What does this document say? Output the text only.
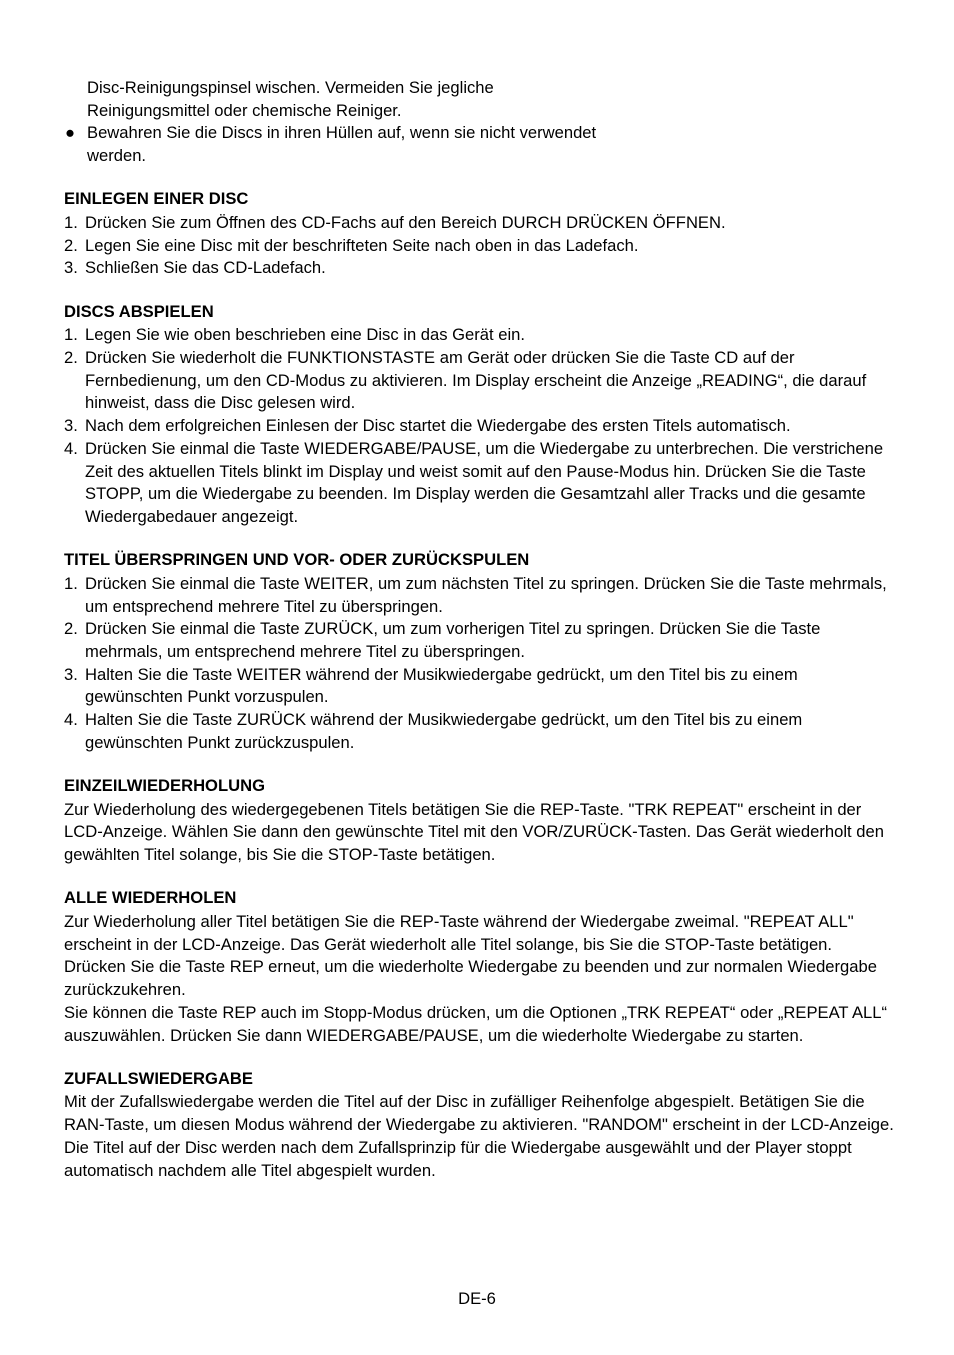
Disc-Reinigungspinsel wischen. Vermeiden Sie jegliche
Reinigungsmittel oder chemische Reiniger.

● Bewahren Sie die Discs in ihren Hüllen auf, wenn sie nicht verwendet
werden.

EINLEGEN EINER DISC
1. Drücken Sie zum Öffnen des CD-Fachs auf den Bereich DURCH DRÜCKEN ÖFFNEN.
2. Legen Sie eine Disc mit der beschrifteten Seite nach oben in das Ladefach.
3. Schließen Sie das CD-Ladefach.
DISCS ABSPIELEN
1. Legen Sie wie oben beschrieben eine Disc in das Gerät ein.
2. Drücken Sie wiederholt die FUNKTIONSTASTE am Gerät oder drücken Sie die Taste CD auf der Fernbedienung, um den CD-Modus zu aktivieren. Im Display erscheint die Anzeige „READING“, die darauf hinweist, dass die Disc gelesen wird.
3. Nach dem erfolgreichen Einlesen der Disc startet die Wiedergabe des ersten Titels automatisch.
4. Drücken Sie einmal die Taste WIEDERGABE/PAUSE, um die Wiedergabe zu unterbrechen. Die verstrichene Zeit des aktuellen Titels blinkt im Display und weist somit auf den Pause-Modus hin. Drücken Sie die Taste STOPP, um die Wiedergabe zu beenden. Im Display werden die Gesamtzahl aller Tracks und die gesamte Wiedergabedauer angezeigt.
TITEL ÜBERSPRINGEN UND VOR- ODER ZURÜCKSPULEN
1. Drücken Sie einmal die Taste WEITER, um zum nächsten Titel zu springen. Drücken Sie die Taste mehrmals, um entsprechend mehrere Titel zu überspringen.
2. Drücken Sie einmal die Taste ZURÜCK, um zum vorherigen Titel zu springen. Drücken Sie die Taste mehrmals, um entsprechend mehrere Titel zu überspringen.
3. Halten Sie die Taste WEITER während der Musikwiedergabe gedrückt, um den Titel bis zu einem gewünschten Punkt vorzuspulen.
4. Halten Sie die Taste ZURÜCK während der Musikwiedergabe gedrückt, um den Titel bis zu einem gewünschten Punkt zurückzuspulen.
EINZEILWIEDERHOLUNG

Zur Wiederholung des wiedergegebenen Titels betätigen Sie die REP-Taste. "TRK REPEAT" erscheint in der LCD-Anzeige. Wählen Sie dann den gewünschte Titel mit den VOR/ZURÜCK-Tasten. Das Gerät wiederholt den gewählten Titel solange, bis Sie die STOP-Taste betätigen.

ALLE WIEDERHOLEN

Zur Wiederholung aller Titel betätigen Sie die REP-Taste während der Wiedergabe zweimal. "REPEAT ALL" erscheint in der LCD-Anzeige. Das Gerät wiederholt alle Titel solange, bis Sie die STOP-Taste betätigen.

Drücken Sie die Taste REP erneut, um die wiederholte Wiedergabe zu beenden und zur normalen Wiedergabe zurückzukehren.

Sie können die Taste REP auch im Stopp-Modus drücken, um die Optionen „TRK REPEAT“ oder „REPEAT ALL“ auszuwählen. Drücken Sie dann WIEDERGABE/PAUSE, um die wiederholte Wiedergabe zu starten.

ZUFALLSWIEDERGABE

Mit der Zufallswiedergabe werden die Titel auf der Disc in zufälliger Reihenfolge abgespielt. Betätigen Sie die RAN-Taste, um diesen Modus während der Wiedergabe zu aktivieren. "RANDOM" erscheint in der LCD-Anzeige. Die Titel auf der Disc werden nach dem Zufallsprinzip für die Wiedergabe ausgewählt und der Player stoppt automatisch nachdem alle Titel abgespielt wurden.

DE-6
